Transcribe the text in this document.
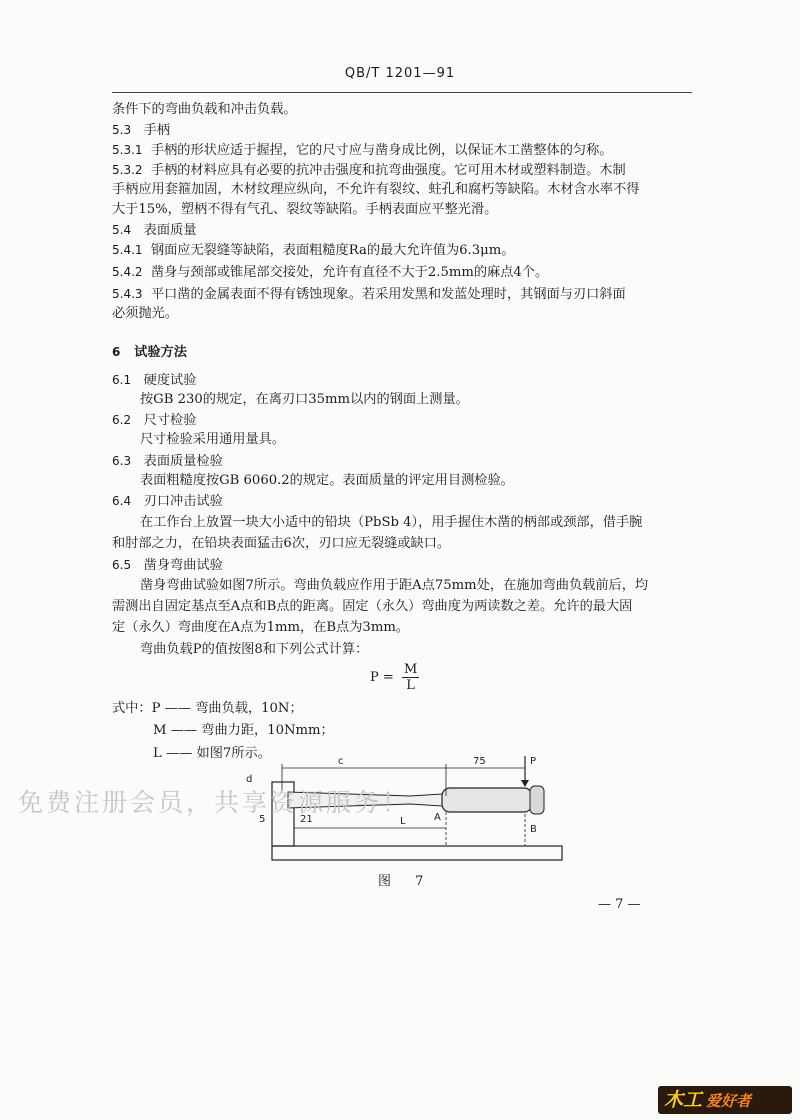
QB/T 1201—91
条件下的弯曲负载和冲击负载。
5.3 手柄
5.3.1 手柄的形状应适于握捏，它的尺寸应与凿身成比例，以保证木工凿整体的匀称。
5.3.2 手柄的材料应具有必要的抗冲击强度和抗弯曲强度。它可用木材或塑料制造。木制
手柄应用套箍加固，木材纹理应纵向，不允许有裂纹、蛀孔和腐朽等缺陷。木材含水率不得
大于15%，塑柄不得有气孔、裂纹等缺陷。手柄表面应平整光滑。
5.4 表面质量
5.4.1 钢面应无裂缝等缺陷，表面粗糙度Ra的最大允许值为6.3μm。
5.4.2 凿身与颈部或锥尾部交接处，允许有直径不大于2.5mm的麻点4个。
5.4.3 平口凿的金属表面不得有锈蚀现象。若采用发黑和发蓝处理时，其钢面与刃口斜面
必须抛光。
6 试验方法
6.1 硬度试验
按GB 230的规定，在离刃口35mm以内的钢面上测量。
6.2 尺寸检验
尺寸检验采用通用量具。
6.3 表面质量检验
表面粗糙度按GB 6060.2的规定。表面质量的评定用目测检验。
6.4 刃口冲击试验
在工作台上放置一块大小适中的铅块（PbSb 4），用手握住木凿的柄部或颈部，借手腕
和肘部之力，在铅块表面猛击6次，刃口应无裂缝或缺口。
6.5 凿身弯曲试验
凿身弯曲试验如图7所示。弯曲负载应作用于距A点75mm处，在施加弯曲负载前后，均
需测出自固定基点至A点和B点的距离。固定（永久）弯曲度为两读数之差。允许的最大固
定（永久）弯曲度在A点为1mm，在B点为3mm。
弯曲负载P的值按图8和下列公式计算：
$P = \frac{M}{L}$
式中：P —— 弯曲负载，10N；
M —— 弯曲力距，10Nmm；
L —— 如图7所示。
c	75	P
d
5	21	L	A
B
免费注册会员，共享资源服务！
图 7
— 7 —
木工 爱好者
